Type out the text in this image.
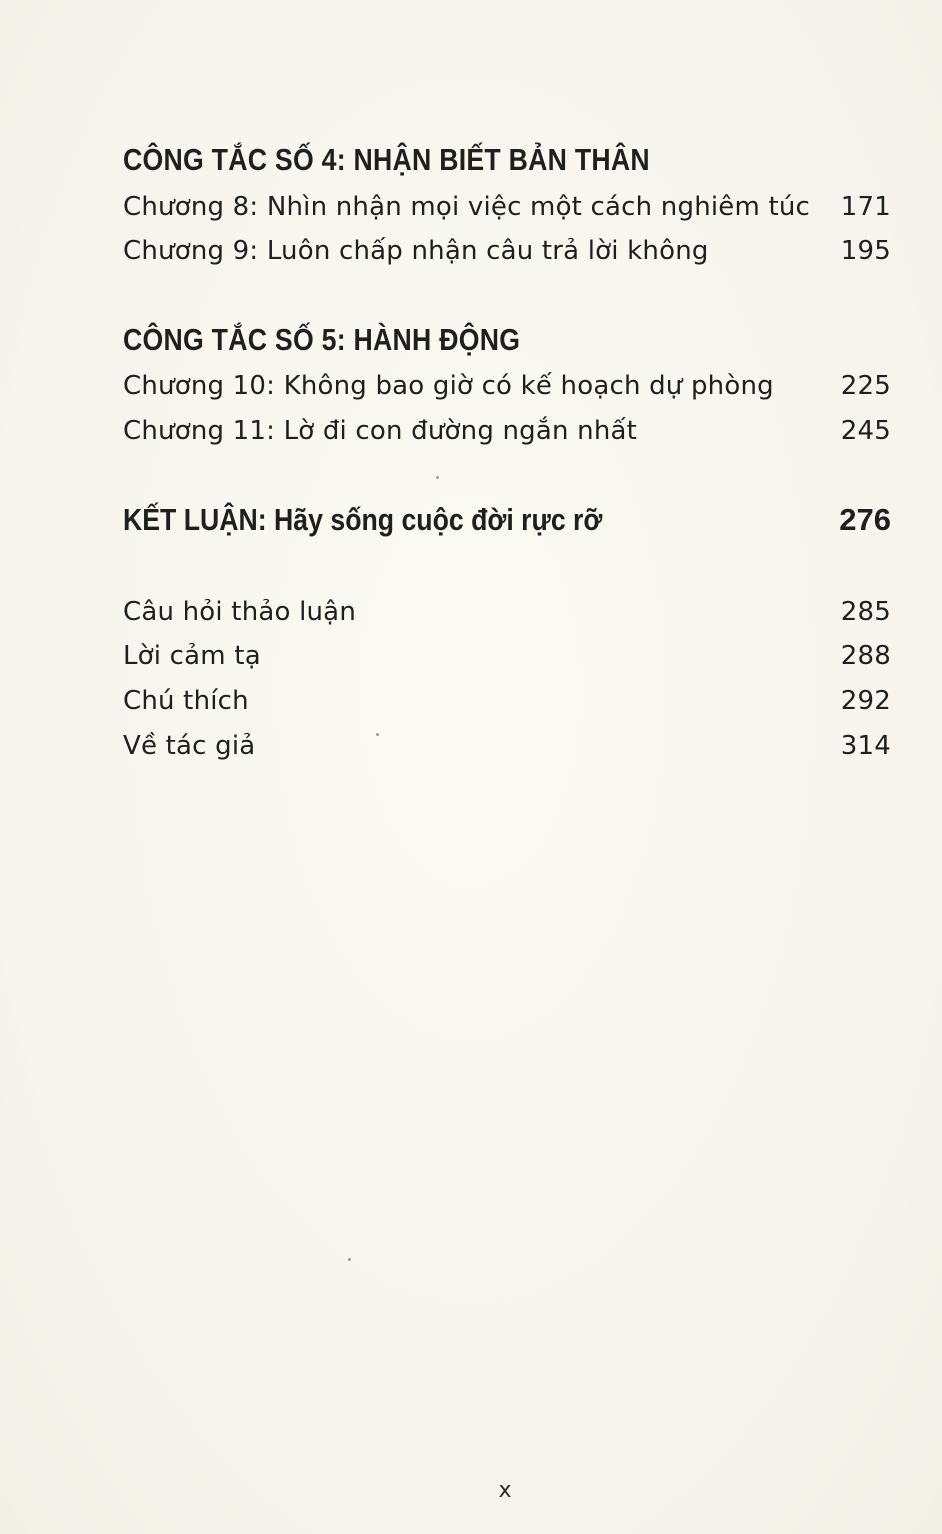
CÔNG TẮC SỐ 4: NHẬN BIẾT BẢN THÂN
Chương 8: Nhìn nhận mọi việc một cách nghiêm túc 171
Chương 9: Luôn chấp nhận câu trả lời không	195
CÔNG TẮC SỐ 5: HÀNH ĐỘNG
Chương 10: Không bao giờ có kế hoạch dự phòng	225
Chương 11: Lờ đi con đường ngắn nhất	245
KẾT LUẬN: Hãy sống cuộc đời rực rỡ	276
Câu hỏi thảo luận	285
Lời cảm tạ	288
Chú thích	292
Về tác giả	314
x
